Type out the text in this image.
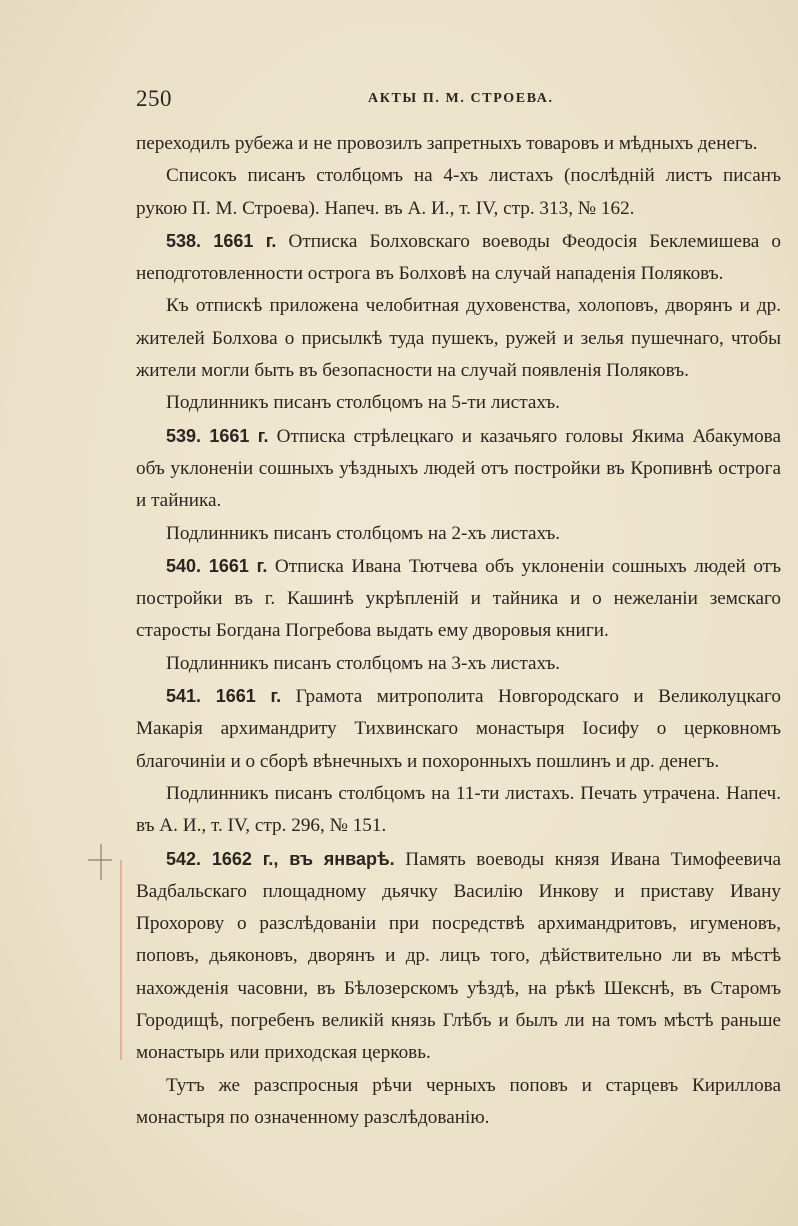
250	АКТЫ П. М. СТРОЕВА.

переходилъ рубежа и не провозилъ запретныхъ товаровъ и мѣдныхъ денегъ.

Списокъ писанъ столбцомъ на 4-хъ листахъ (послѣднiй листъ писанъ рукою П. М. Строева). Напеч. въ А. И., т. IV, стр. 313, № 162.

538. 1661 г. Отписка Болховскаго воеводы Феодосiя Беклемишева о неподготовленности острога въ Болховѣ на случай нападенiя Поляковъ.

Къ отпискѣ приложена челобитная духовенства, холоповъ, дворянъ и др. жителей Болхова о присылкѣ туда пушекъ, ружей и зелья пушечнаго, чтобы жители могли быть въ безопасности на случай появленiя Поляковъ.

Подлинникъ писанъ столбцомъ на 5-ти листахъ.

539. 1661 г. Отписка стрѣлецкаго и казачьяго головы Якима Абакумова объ уклоненiи сошныхъ уѣздныхъ людей отъ постройки въ Кропивнѣ острога и тайника.

Подлинникъ писанъ столбцомъ на 2-хъ листахъ.

540. 1661 г. Отписка Ивана Тютчева объ уклоненiи сошныхъ людей отъ постройки въ г. Кашинѣ укрѣпленiй и тайника и о нежеланiи земскаго старосты Богдана Погребова выдать ему дворовыя книги.

Подлинникъ писанъ столбцомъ на 3-хъ листахъ.

541. 1661 г. Грамота митрополита Новгородскаго и Великолуцкаго Макарiя архимандриту Тихвинскаго монастыря Iосифу о церковномъ благочинiи и о сборѣ вѣнечныхъ и похоронныхъ пошлинъ и др. денегъ.

Подлинникъ писанъ столбцомъ на 11-ти листахъ. Печать утрачена. Напеч. въ А. И., т. IV, стр. 296, № 151.

542. 1662 г., въ январѣ. Память воеводы князя Ивана Тимофеевича Вадбальскаго площадному дьячку Василiю Инкову и приставу Ивану Прохорову о разслѣдованiи при посредствѣ архимандритовъ, игуменовъ, поповъ, дьяконовъ, дворянъ и др. лицъ того, дѣйствительно ли въ мѣстѣ нахожденiя часовни, въ Бѣлозерскомъ уѣздѣ, на рѣкѣ Шекснѣ, въ Старомъ Городищѣ, погребенъ великiй князь Глѣбъ и былъ ли на томъ мѣстѣ раньше монастырь или приходская церковь.

Тутъ же разспросныя рѣчи черныхъ поповъ и старцевъ Кириллова монастыря по означенному разслѣдованiю.
